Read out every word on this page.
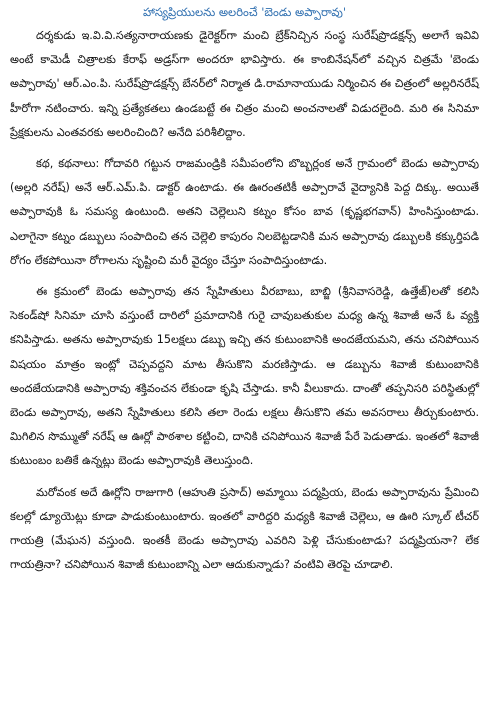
హాస్యప్రియులను అలరించే 'బెండు అప్పారావు'

దర్శకుడు ఇ.వి.వి.సత్యనారాయణకు డైరెక్టర్‌గా మంచి బ్రేక్‌నిచ్చిన సంస్థ సురేష్‌ప్రొడక్షన్స్‌ అలాగే ఇవివి అంటే కామెడీ చిత్రాలకు కేరాఫ్‌ అడ్రస్‌గా అందరూ భావిస్తారు. ఈ కాంబినేషన్‌లో వచ్చిన చిత్రమే 'బెండు అప్పారావు' ఆర్‌.ఎం.పి. సురేష్‌ప్రొడక్షన్స్‌ బేనర్‌లో నిర్మాత డి.రామానాయుడు నిర్మించిన ఈ చిత్రంలో అల్లరినరేష్‌ హీరోగా నటించారు. ఇన్ని ప్రత్యేకతలు ఉండబట్టే ఈ చిత్రం మంచి అంచనాలతో విడుదలైంది. మరి ఈ సినిమా ప్రేక్షకులను ఎంతవరకు అలరించింది? అనేది పరిశీలిద్దాం.

కథ, కథనాలు: గోదావరి గట్టున రాజమండ్రికి సమీపంలోని బొబ్బర్లంక అనే గ్రామంలో బెండు అప్పారావు (అల్లరి నరేష్‌) అనే ఆర్‌.ఎమ్‌.పి. డాక్టర్‌ ఉంటాడు. ఈ ఊరంతటికీ అప్పారావే వైద్యానికి పెద్ద దిక్కు. అయితే అప్పారావుకి ఓ సమస్య ఉంటుంది. అతని చెల్లెలుని కట్నం కోసం బావ (కృష్ణభగవాన్‌) హింసిస్తుంటాడు. ఎలాగైనా కట్నం డబ్బులు సంపాదించి తన చెల్లెలి కాపురం నిలబెట్టడానికి మన అప్పారావు డబ్బులకి కక్కుర్తిపడి రోగం లేకపోయినా రోగాలను సృష్టించి మరీ వైద్యం చేస్తూ సంపాదిస్తుంటాడు.

ఈ క్రమంలో బెండు అప్పారావు తన స్నేహితులు వీరబాబు, బాబ్జి (శ్రీనివాసరెడ్డి, ఉత్తేజ్‌)లతో కలిసి సెకండ్‌షో సినిమా చూసి వస్తుంటే దారిలో ప్రమాదానికి గురై చావుబతుకుల మధ్య ఉన్న శివాజీ అనే ఓ వ్యక్తి కనిపిస్తాడు. అతను అప్పారావుకు 15లక్షలు డబ్బు ఇచ్చి తన కుటుంబానికి అందజేయమని, తను చనిపోయిన విషయం మాత్రం ఇంట్లో చెప్పవద్దని మాట తీసుకొని మరణిస్తాడు. ఆ డబ్బును శివాజీ కుటుంబానికి అందజేయడానికి అప్పారావు శక్తివంచన లేకుండా కృషి చేస్తాడు. కానీ వీలుకాదు. దాంతో తప్పనిసరి పరిస్థితుల్లో బెండు అప్పారావు, అతని స్నేహితులు కలిసి తలా రెండు లక్షలు తీసుకొని తమ అవసరాలు తీర్చుకుంటారు. మిగిలిన సొమ్ముతో నరేష్‌ ఆ ఊర్లో పాఠశాల కట్టించి, దానికి చనిపోయిన శివాజీ పేరే పెడుతాడు. ఇంతలో శివాజీ కుటుంబం బతికే ఉన్నట్లు బెండు అప్పారావుకి తెలుస్తుంది.

మరోవంక అదే ఊర్లోని రాజుగారి (ఆహుతి ప్రసాద్‌) అమ్మాయి పద్మప్రియ, బెండు అప్పారావును ప్రేమించి కలల్లో డ్యూయెట్లు కూడా పాడుకుంటుంటారు. ఇంతలో వారిద్దరి మధ్యకి శివాజీ చెల్లెలు, ఆ ఊరి స్కూల్‌ టీచర్‌ గాయత్రి (మేఘన) వస్తుంది. ఇంతకీ బెండు అప్పారావు ఎవరిని పెళ్లి చేసుకుంటాడు? పద్మప్రియనా? లేక గాయత్రినా? చనిపోయిన శివాజీ కుటుంబాన్ని ఎలా ఆదుకున్నాడు? వంటివి తెరపై చూడాలి.
